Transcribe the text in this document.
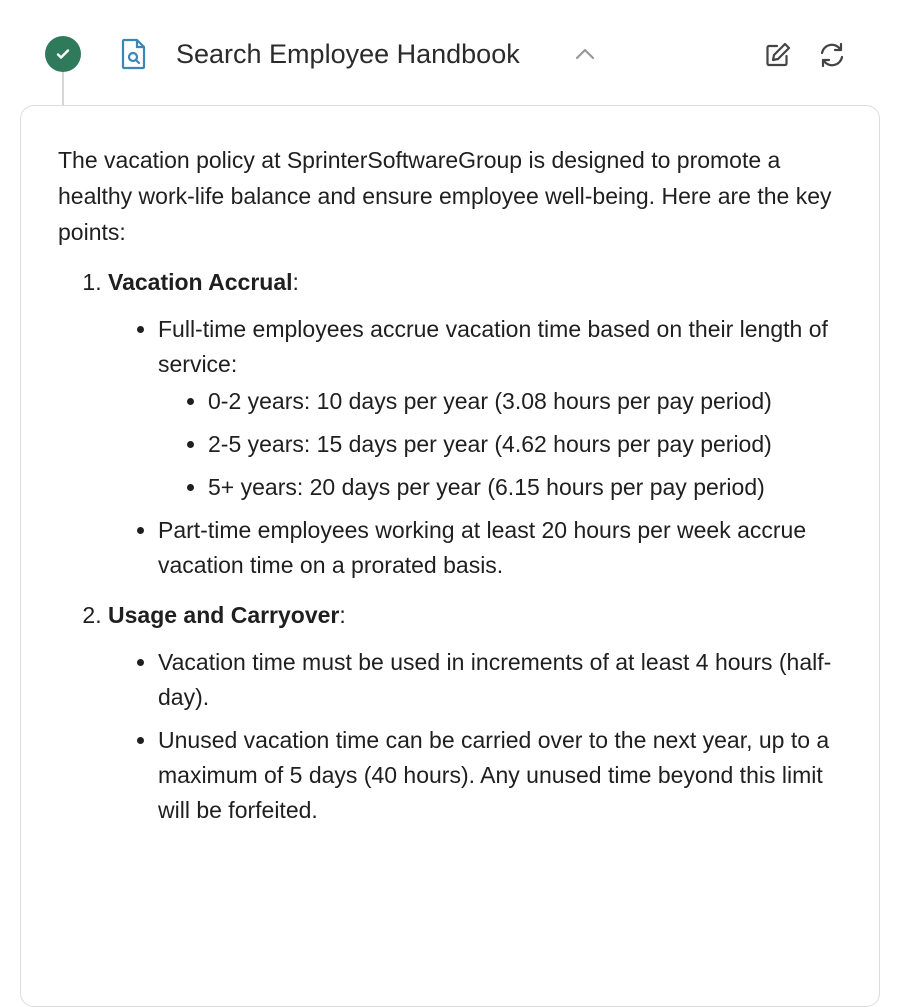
Search Employee Handbook

The vacation policy at SprinterSoftwareGroup is designed to promote a healthy work-life balance and ensure employee well-being. Here are the key points:

1. Vacation Accrual:
• Full-time employees accrue vacation time based on their length of service:
• 0-2 years: 10 days per year (3.08 hours per pay period)
• 2-5 years: 15 days per year (4.62 hours per pay period)
• 5+ years: 20 days per year (6.15 hours per pay period)
• Part-time employees working at least 20 hours per week accrue vacation time on a prorated basis.
2. Usage and Carryover:
• Vacation time must be used in increments of at least 4 hours (half-day).
• Unused vacation time can be carried over to the next year, up to a maximum of 5 days (40 hours). Any unused time beyond this limit will be forfeited.
